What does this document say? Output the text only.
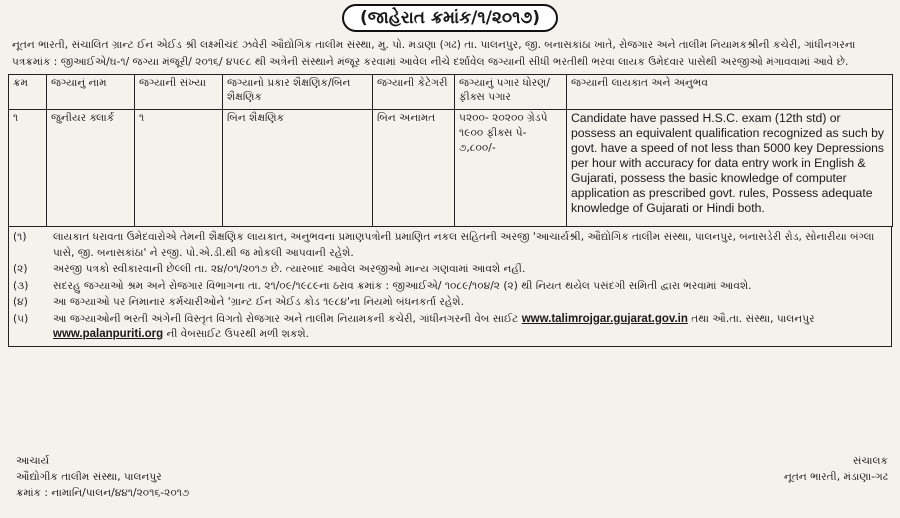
(જાહેરાત ક્રમાંક/૧/૨૦૧૭)
નૂતન ભારતી, સંચાલિત ગ્રાન્ટ ઈન એઈડ શ્રી લક્ષ્મીચંદ ઝવેરી ઔદ્યોગિક તાલીમ સંસ્થા, મુ. પો. મડાણા (ગઢ) તા. પાલનપુર, જી. બનાસકાંઠા ખાતે, રોજગાર અને તાલીમ નિયામકશ્રીની કચેરી, ગાંધીનગરના પત્રક્રમાંક : જીઆઈએ/ઘ-૧/ જગ્યા મંજૂરી/ ૨૦૧૬/ ૪૫૯૮ થી અત્રેની સંસ્થાને મંજૂર કરવામાં આવેલ નીચે દર્શાવેલ જગ્યાની સીધી ભરતીથી ભરવા લાયક ઉમેદવાર પાસેથી અરજીઓ મંગાવવામાં આવે છે.
ક્રમ	જગ્યાનું નામ	જગ્યાની સંખ્યા	જગ્યાનો પ્રકાર શૈક્ષણિક/બિન શૈક્ષણિક	જગ્યાની કેટેગરી	જગ્યાનું પગાર ધોરણ/ફીક્સ પગાર	જગ્યાની લાયકાત અને અનુભવ
૧	જુનીયર ક્લાર્ક	૧	બિન શૈક્ષણિક	બિન અનામત	૫૨૦૦- ૨૦૨૦૦ ગ્રેડપે ૧૯૦૦ ફીક્સ પે- ૭,૮૦૦/-	Candidate have passed H.S.C. exam (12th std) or possess an equivalent qualification recognized as such by govt. have a speed of not less than 5000 key Depressions per hour with accuracy for data entry work in English & Gujarati, possess the basic knowledge of computer application as prescribed govt. rules, Possess adequate knowledge of Gujarati or Hindi both.
(૧)	લાયકાત ધરાવતા ઉમેદવારોએ તેમની શૈક્ષણિક લાયકાત, અનુભવના પ્રમાણપત્રોની પ્રમાણિત નકલ સહિતની અરજી 'આચાર્યશ્રી, ઔદ્યોગિક તાલીમ સંસ્થા, પાલનપુર, બનાસડેરી રોડ, સોનારીયા બંગ્લા પાસે, જી. બનાસકાંઠા' ને રજી. પો.એ.ડી.થી જ મોકલી આપવાની રહેશે.
(૨)	અરજી પત્રકો સ્વીકારવાની છેલ્લી તા. ૨૪/૦૧/૨૦૧૭ છે. ત્યારબાદ આવેલ અરજીઓ માન્ય ગણવામાં આવશે નહીં.
(૩)	સદરહુ જગ્યાઓ શ્રમ અને રોજગાર વિભાગના તા. ૨૧/૦૯/૧૯૮૯ના ઠરાવ ક્રમાંક : જીઆઈએ/ ૧૦૮૯/૧૦૪/૨ (૨) થી નિયત થયેલ પસંદગી સમિતી દ્વારા ભરવામાં આવશે.
(૪)	આ જગ્યાઓ પર નિમાનાર કર્મચારીઓને 'ગ્રાન્ટ ઈન એઈડ કોડ ૧૯૮૪'ના નિયમો બંધનકર્તા રહેશે.
(૫)	આ જગ્યાઓની ભરતી અંગેની વિસ્તૃત વિગતો રોજગાર અને તાલીમ નિયામકની કચેરી, ગાંધીનગરની વેબ સાઈટ www.talimrojgar.gujarat.gov.in તથા ઔ.તા. સંસ્થા, પાલનપુર www.palanpuriti.org ની વેબસાઈટ ઉપરથી મળી શકશે.
આચાર્ય
ઔદ્યોગીક તાલીમ સંસ્થા, પાલનપુર
ક્રમાંક : નામાનિ/પાલન/૪૪૧/૨૦૧૬-૨૦૧૭
સંચાલક
નૂતન ભારતી, મંડાણા-ગઢ
